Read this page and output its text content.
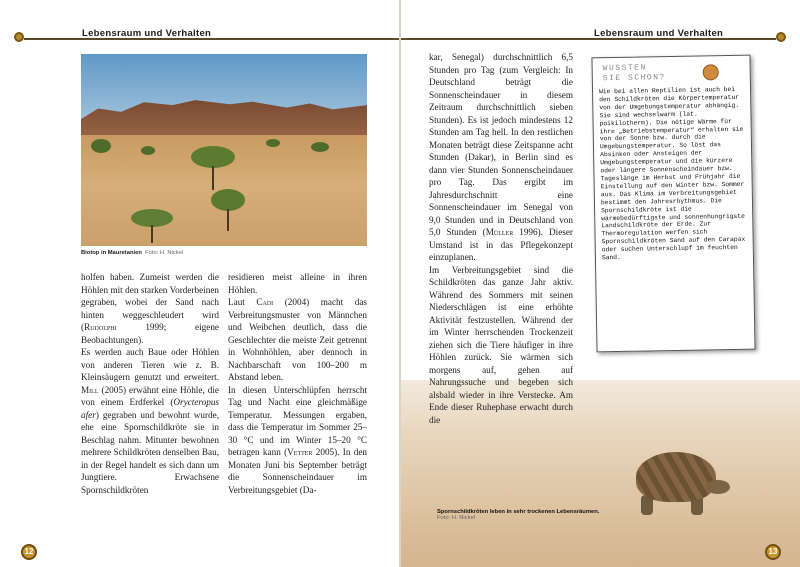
Lebensraum und Verhalten
Biotop in Mauretanien Foto: H. Nickel

holfen haben. Zumeist werden die Höhlen mit den starken Vorderbeinen gegraben, wobei der Sand nach hinten weggeschleudert wird (Rudolphi 1999; eigene Beobachtungen).

Es werden auch Baue oder Höhlen von anderen Tieren wie z. B. Kleinsäugern genutzt und erweitert. Mill (2005) erwähnt eine Höhle, die von einem Erdferkel (Orycteropus afer) gegraben und bewohnt wurde, ehe eine Spornschildkröte sie in Beschlag nahm. Mitunter bewohnen mehrere Schildkröten denselben Bau, in der Regel handelt es sich dann um Jungtiere. Erwachsene Spornschildkröten

residieren meist alleine in ihren Höhlen.

Laut Cadi (2004) macht das Verbreitungsmuster von Männchen und Weibchen deutlich, dass die Geschlechter die meiste Zeit getrennt in Wohnhöhlen, aber dennoch in Nachbarschaft von 100–200 m Abstand leben.

In diesen Unterschlüpfen herrscht Tag und Nacht eine gleichmäßige Temperatur. Messungen ergaben, dass die Temperatur im Sommer 25–30 °C und im Winter 15–20 °C betragen kann (Vetter 2005). In den Monaten Juni bis September beträgt die Sonnenscheindauer im Verbreitungsgebiet (Da-

12
Lebensraum und Verhalten

kar, Senegal) durchschnittlich 6,5 Stunden pro Tag (zum Vergleich: In Deutschland beträgt die Sonnenscheindauer in diesem Zeitraum durchschnittlich sieben Stunden). Es ist jedoch mindestens 12 Stunden am Tag hell. In den restlichen Monaten beträgt diese Zeitspanne acht Stunden (Dakar), in Berlin sind es dann vier Stunden Sonnenscheindauer pro Tag. Das ergibt im Jahresdurchschnitt eine Sonnenscheindauer im Senegal von 9,0 Stunden und in Deutschland von 5,0 Stunden (Müller 1996). Dieser Umstand ist in das Pflegekonzept einzuplanen.

Im Verbreitungsgebiet sind die Schildkröten das ganze Jahr aktiv. Während des Sommers mit seinen Niederschlägen ist eine erhöhte Aktivität festzustellen. Während der im Winter herrschenden Trockenzeit ziehen sich die Tiere häufiger in ihre Höhlen zurück. Sie wärmen sich morgens auf, gehen auf Nahrungssuche und begeben sich alsbald wieder in ihre Verstecke. Am Ende dieser Ruhephase erwacht durch die

WUSSTEN
SIE SCHON?
Wie bei allen Reptilien ist auch bei den Schildkröten die Körpertemperatur von der Umgebungstemperatur abhängig. Sie sind wechselwarm (lat. poikilotherm). Die nötige Wärme für ihre „Betriebstemperatur“ erhalten sie von der Sonne bzw. durch die Umgebungstemperatur. So löst das Absinken oder Ansteigen der Umgebungstemperatur und die kürzere oder längere Sonnenscheindauer bzw. Tageslänge im Herbst und Frühjahr die Einstellung auf den Winter bzw. Sommer aus. Das Klima im Verbreitungsgebiet bestimmt den Jahresrhythmus. Die Spornschildkröte ist die wärmebedürftigste und sonnenhungrigste Landschildkröte der Erde. Zur Thermoregulation werfen sich Spornschildkröten Sand auf den Carapax oder suchen Unterschlupf im feuchten Sand.
Spornschildkröten leben in sehr trockenen Lebensräumen. Foto: H. Nickel
13
